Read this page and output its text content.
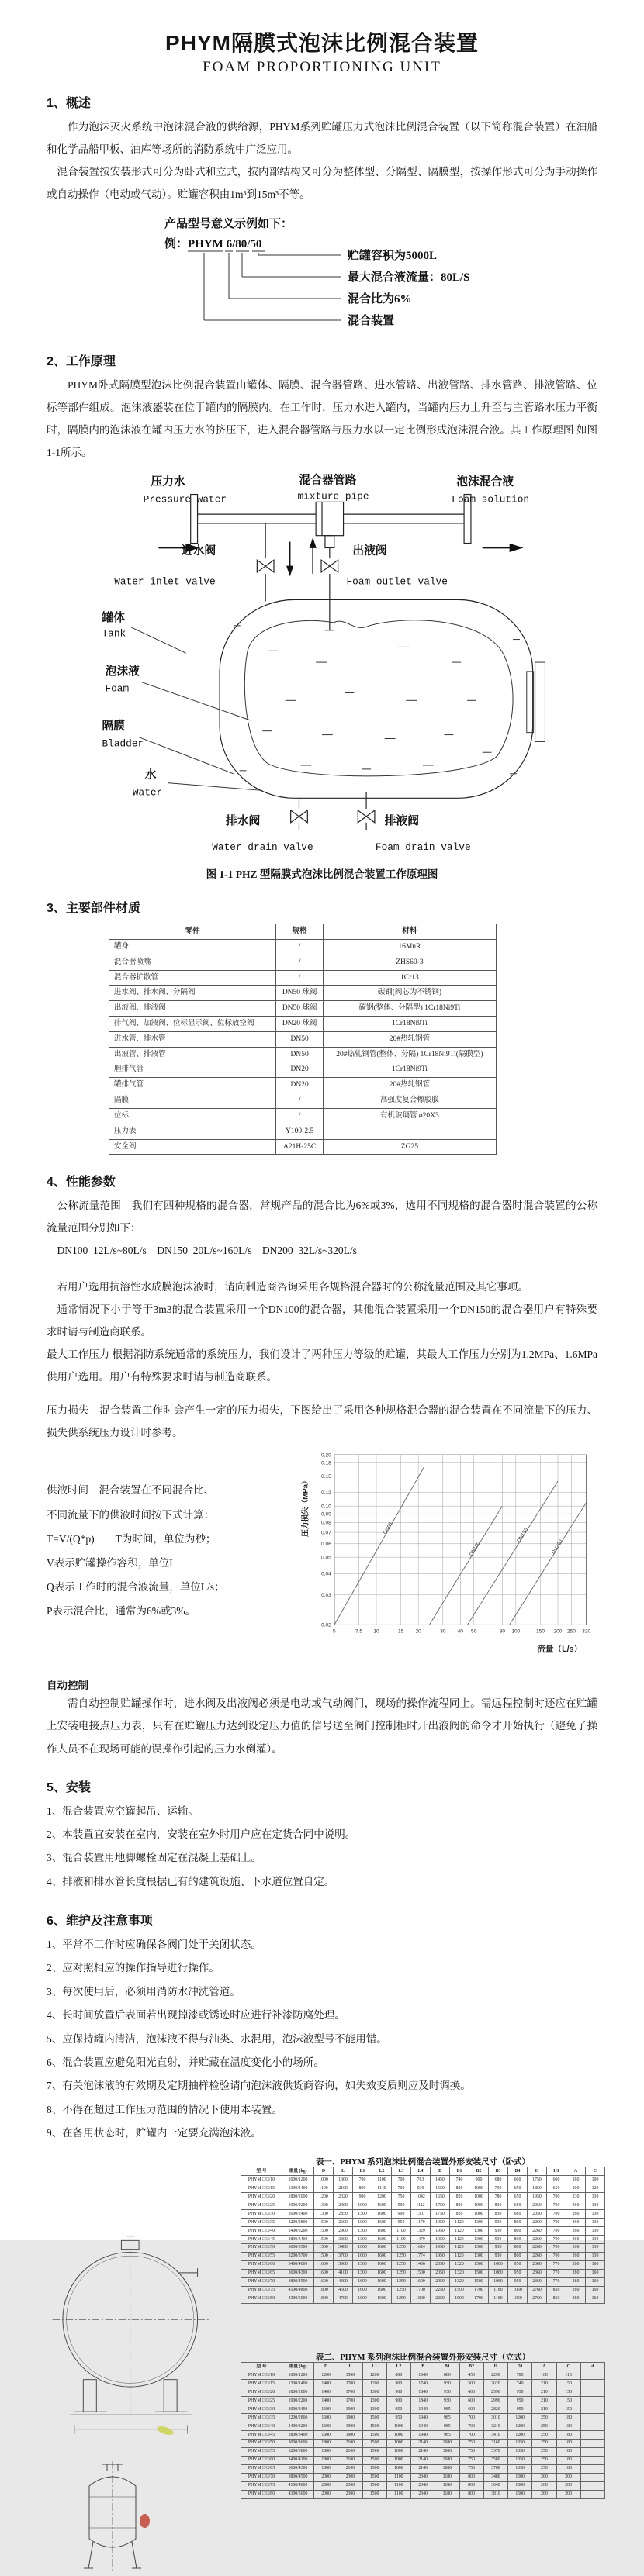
PHYM隔膜式泡沫比例混合装置
FOAM PROPORTIONING UNIT
1、概述

作为泡沫灭火系统中泡沫混合液的供给源，PHYM系列贮罐压力式泡沫比例混合装置（以下简称混合装置）在油船和化学品船甲板、油库等场所的消防系统中广泛应用。

混合装置按安装形式可分为卧式和立式，按内部结构又可分为整体型、分隔型、隔膜型，按操作形式可分为手动操作或自动操作（电动或气动）。贮罐容积由1m³到15m³不等。

产品型号意义示例如下：
例：PHYM 6/80/50
贮罐容积为5000L
最大混合液流量：80L/S
混合比为6%
混合装置
2、工作原理

PHYM卧式隔膜型泡沫比例混合装置由罐体、隔膜、混合器管路、进水管路、出液管路、排水管路、排液管路、位标等部件组成。泡沫液盛装在位于罐内的隔膜内。在工作时，压力水进入罐内，当罐内压力上升至与主管路水压力平衡时，隔膜内的泡沫液在罐内压力水的挤压下，进入混合器管路与压力水以一定比例形成泡沫混合液。其工作原理图 如图1-1所示。

压力水
Pressure water
混合器管路
mixture pipe
泡沫混合液
Foam solution
进水阀
Water inlet valve
出液阀
Foam outlet valve
罐体
Tank
泡沫液
Foam
隔膜
Bladder
水
Water
排水阀
Water drain valve
排液阀
Foam drain valve

图 1-1 PHZ 型隔膜式泡沫比例混合装置工作原理图

3、主要部件材质
零件	规格	材料
罐身	/	16MnR
混合器喷嘴	/	ZHS60-3
混合器扩散管	/	1Cr13
进水阀、排水阀、分隔阀	DN50 球阀	碳钢(阀芯为不锈钢)
出液阀、排液阀	DN50 球阀	碳钢(整体、分隔型) 1Cr18Ni9Ti
排气阀、加液阀、位标显示阀、位标放空阀	DN20 球阀	1Cr18Ni9Ti
进水管、排水管	DN50	20#热轧钢管
出液管、排液管	DN50	20#热轧钢管(整体、分隔) 1Cr18Ni9Ti(隔膜型)
胆排气管	DN20	1Cr18Ni9Ti
罐排气管	DN20	20#热轧钢管
隔膜	/	高强度复合橡胶膜
位标	/	有机玻璃管 ø20X3
压力表	Y100-2.5	
安全阀	A21H-25C	ZG25
4、性能参数

公称流量范围　我们有四种规格的混合器，常规产品的混合比为6%或3%，选用不同规格的混合器时混合装置的公称流量范围分别如下：

DN100  12L/s~80L/s    DN150  20L/s~160L/s    DN200  32L/s~320L/s

若用户选用抗溶性水成膜泡沫液时，请向制造商咨询采用各规格混合器时的公称流量范围及其它事项。

通常情况下小于等于3m3的混合装置采用一个DN100的混合器，其他混合装置采用一个DN150的混合器用户有特殊要求时请与制造商联系。

最大工作压力 根据消防系统通常的系统压力，我们设计了两种压力等级的贮罐，其最大工作压力分别为1.2MPa、1.6MPa供用户选用。用户有特殊要求时请与制造商联系。

压力损失　混合装置工作时会产生一定的压力损失，下图给出了采用各种规格混合器的混合装置在不同流量下的压力、损失供系统压力设计时参考。

供液时间　混合装置在不同混合比、
不同流量下的供液时间按下式计算：
T=V/(Q*p)　　T为时间，单位为秒；
V表示贮罐操作容积，单位L
Q表示工作时的混合液流量，单位L/s；
P表示混合比，通常为6%或3%。
5	7.5 10	15 20	30 40 50	80 100	150 200 250 320
0.02
0.03
0.04
0.05
0.06
0.07
0.08
0.09
0.10
0.12
0.15
0.18
0.20
DN65
DN100
DN150
DN200
压力损失（MPa）
流量（L/s）

自动控制

需自动控制贮罐操作时，进水阀及出液阀必须是电动或气动阀门，现场的操作流程同上。需远程控制时还应在贮罐上安装电接点压力表，只有在贮罐压力达到设定压力值的信号送至阀门控制柜时开出液阀的命令才开始执行（避免了操作人员不在现场可能的误操作引起的压力水倒灌）。

5、安装
1、混合装置应空罐起吊、运输。
2、本装置宜安装在室内，安装在室外时用户应在定货合同中说明。
3、混合装置用地脚螺栓固定在混凝土基础上。
4、排液和排水管长度根据已有的建筑设施、下水道位置自定。
6、维护及注意事项
1、平常不工作时应确保各阀门处于关闭状态。
2、应对照相应的操作指导进行操作。
3、每次使用后，必须用消防水冲洗管道。
4、长时间放置后表面若出现掉漆或锈迹时应进行补漆防腐处理。
5、应保持罐内清洁，泡沫液不得与油类、水混用，泡沫液型号不能用错。
6、混合装置应避免阳光直射，并贮藏在温度变化小的场所。
7、有关泡沫液的有效期及定期抽样检验请向泡沫液供货商咨询，如失效变质则应及时调换。
8、不得在超过工作压力范围的情况下使用本装置。
9、在备用状态时，贮罐内一定要充满泡沫液。
表一、PHYM 系列泡沫比例混合装置外形安装尺寸（卧式）
型 号	重量 (kg)	D	L	L1	L2	L3	L4	B	B1	B2	B3	B4	H	H1	A	C
PHYM □/□/10	1000/1200	1000	1360	700	1100	700	763	1450	740	900	680	600	1750	600	180	100
PHYM □/□/15	1300/1400	1100	2100	800	1140	700	930	1550	820	1000	730	650	1850	650	200	120
PHYM □/□/20	1800/2000	1200	2320	900	1200	750	1042	1650	820	1000	780	650	1950	700	230	130
PHYM □/□/25	1900/2200	1300	2460	1000	1600	900	1112	1750	820	1000	830	680	2050	700	260	130
PHYM □/□/30	2000/2400	1300	2850	1300	1600	900	1307	1750	820	1000	830	680	2050	700	260	130
PHYM □/□/35	2200/2800	1500	2600	1000	1600	950	1179	1950	1120	1300	930	800	2260	700	260	130
PHYM □/□/40	2400/3200	1500	2900	1300	1600	1100	1329	1950	1120	1300	930	800	2260	700	260	130
PHYM □/□/45	2800/3400	1500	3200	1300	1600	1100	1479	1950	1120	1300	930	800	2260	700	260	130
PHYM □/□/50	3000/3500	1500	3400	1600	1600	1250	1624	1950	1120	1300	930	800	2260	700	260	130
PHYM □/□/55	3200/3700	1500	3700	1600	1600	1250	1774	1950	1120	1300	930	800	2260	700	260	130
PHYM □/□/60	3400/4000	1600	3960	1300	1600	1250	1406	2050	1320	1500	1080	950	2360	770	280	160
PHYM □/□/65	3600/4300	1600	4100	1300	1600	1250	1500	2050	1320	1500	1080	950	2360	770	280	160
PHYM □/□/70	3800/4500	1600	4300	1600	1600	1250	1600	2050	1320	1500	1080	950	2360	770	280	160
PHYM □/□/75	4100/4800	1800	4500	1600	1600	1250	1700	2250	1500	1700	1180	1050	2760	850	280	160
PHYM □/□/80	4300/5000	1800	4700	1600	1600	1250	1800	2250	1500	1700	1180	1050	2760	850	280	160
表二、PHYM 系列泡沫比例混合装置外形安装尺寸（立式）
型 号	重量 (kg)	D	L	L1	L2	B	B1	B2	H	D1	A	C	d
PHYM □/□/10	1000/1200	1200	1500	1200	800	1640	880	450	2290	700	160	110	
PHYM □/□/15	1300/1400	1400	1700	1200	900	1740	930	500	2620	740	210	150	
PHYM □/□/20	1800/2000	1400	1700	1300	900	1840	930	600	2590	950	210	150	
PHYM □/□/25	1900/2200	1400	1700	1300	900	1840	930	600	2990	950	210	150	
PHYM □/□/30	2000/2400	1600	1900	1300	950	1940	985	600	2820	950	210	150	
PHYM □/□/35	2200/2800	1600	1900	1500	950	1940	985	700	3010	1200	250	180	
PHYM □/□/40	2400/3200	1600	1900	1500	1000	1940	985	700	3210	1200	250	180	
PHYM □/□/45	2800/3400	1600	1900	1500	1000	1940	985	700	3410	1200	250	180	
PHYM □/□/50	3000/3600	1800	2100	1500	1000	2140	1080	750	3160	1350	250	180	
PHYM □/□/55	3200/3800	1800	2100	1500	1000	2140	1080	750	3370	1350	250	180	
PHYM □/□/60	3400/4100	1800	2100	1500	1000	2140	1080	750	3580	1350	250	180	
PHYM □/□/65	3600/4300	1800	2100	1500	1000	2140	1080	750	3780	1350	250	180	
PHYM □/□/70	3800/4500	2000	2300	1500	1100	2340	1180	800	3480	1500	260	200	
PHYM □/□/75	4100/4800	2000	2300	1500	1100	2340	1180	800	3640	1500	260	200	
PHYM □/□/80	4300/5000	2000	2300	1500	1100	2340	1180	800	3810	1500	260	200	
